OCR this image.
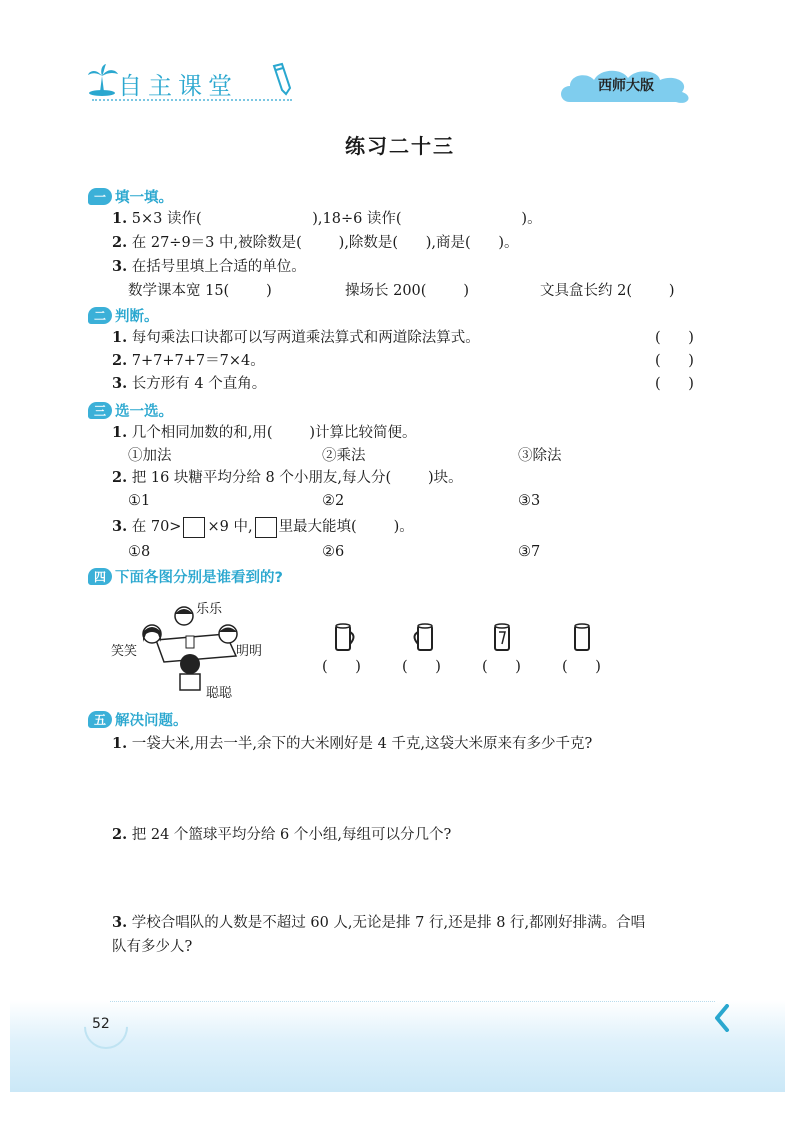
自主课堂	西师大版
练习二十三
一 填一填。
1. 5×3 读作(                        ),18÷6 读作(                          )。
2. 在 27÷9＝3 中,被除数是(        ),除数是(      ),商是(      )。
3. 在括号里填上合适的单位。
数学课本宽 15(        )	操场长 200(        )	文具盒长约 2(        )
二 判断。
1. 每句乘法口诀都可以写两道乘法算式和两道除法算式。	(      )
2. 7+7+7+7＝7×4。	(      )
3. 长方形有 4 个直角。	(      )
三 选一选。
1. 几个相同加数的和,用(        )计算比较简便。
①加法	②乘法	③除法
2. 把 16 块糖平均分给 8 个小朋友,每人分(        )块。
①1	②2	③3
3. 在 70> ×9 中, 里最大能填(        )。
①8	②6	③7
四 下面各图分别是谁看到的?
乐乐
笑笑	明明
聪聪
(      )	(      )	(      )	(      )
五 解决问题。
1. 一袋大米,用去一半,余下的大米刚好是 4 千克,这袋大米原来有多少千克?
2. 把 24 个篮球平均分给 6 个小组,每组可以分几个?
3. 学校合唱队的人数是不超过 60 人,无论是排 7 行,还是排 8 行,都刚好排满。合唱
队有多少人?
52
